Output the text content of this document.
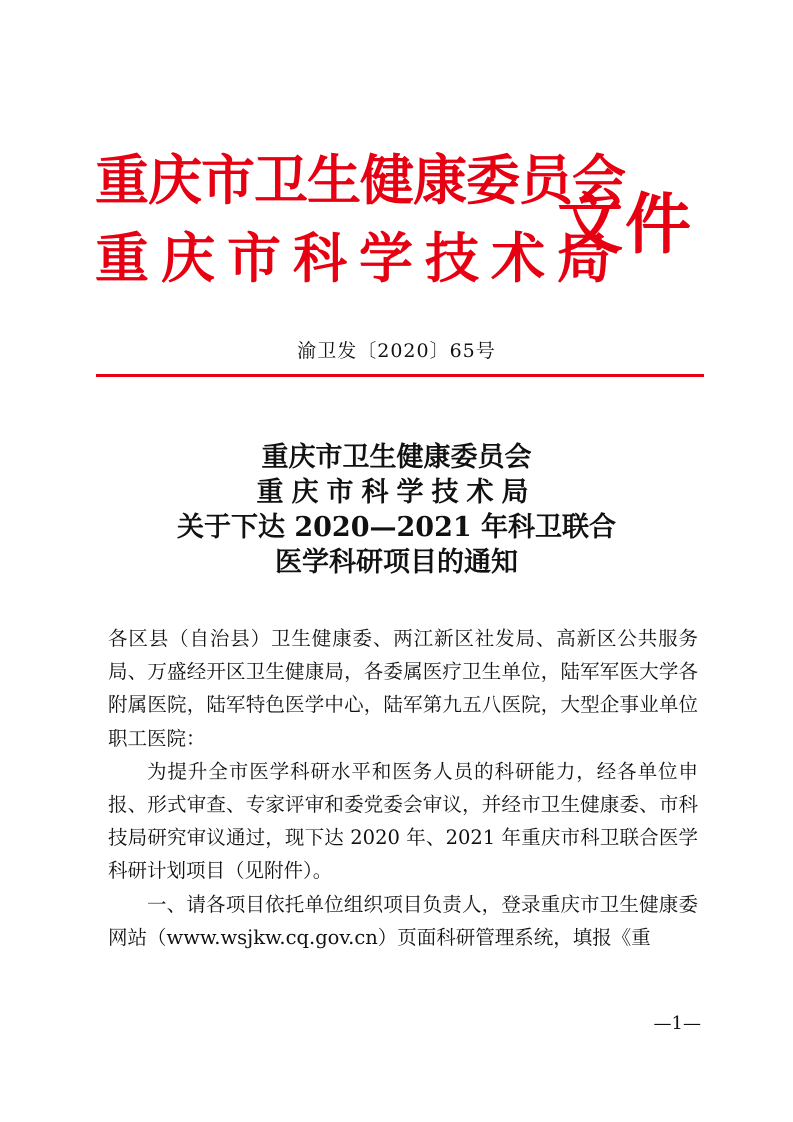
重庆市卫生健康委员会
重庆市科学技术局
文件
渝卫发〔2020〕65号
重庆市卫生健康委员会
重庆市科学技术局
关于下达 2020—2021 年科卫联合
医学科研项目的通知

各区县（自治县）卫生健康委、两江新区社发局、高新区公共服务局、万盛经开区卫生健康局，各委属医疗卫生单位，陆军军医大学各附属医院，陆军特色医学中心，陆军第九五八医院，大型企事业单位职工医院：

为提升全市医学科研水平和医务人员的科研能力，经各单位申报、形式审查、专家评审和委党委会审议，并经市卫生健康委、市科技局研究审议通过，现下达 2020 年、2021 年重庆市科卫联合医学科研计划项目（见附件）。

一、请各项目依托单位组织项目负责人，登录重庆市卫生健康委网站（www.wsjkw.cq.gov.cn）页面科研管理系统，填报《重

—1—
